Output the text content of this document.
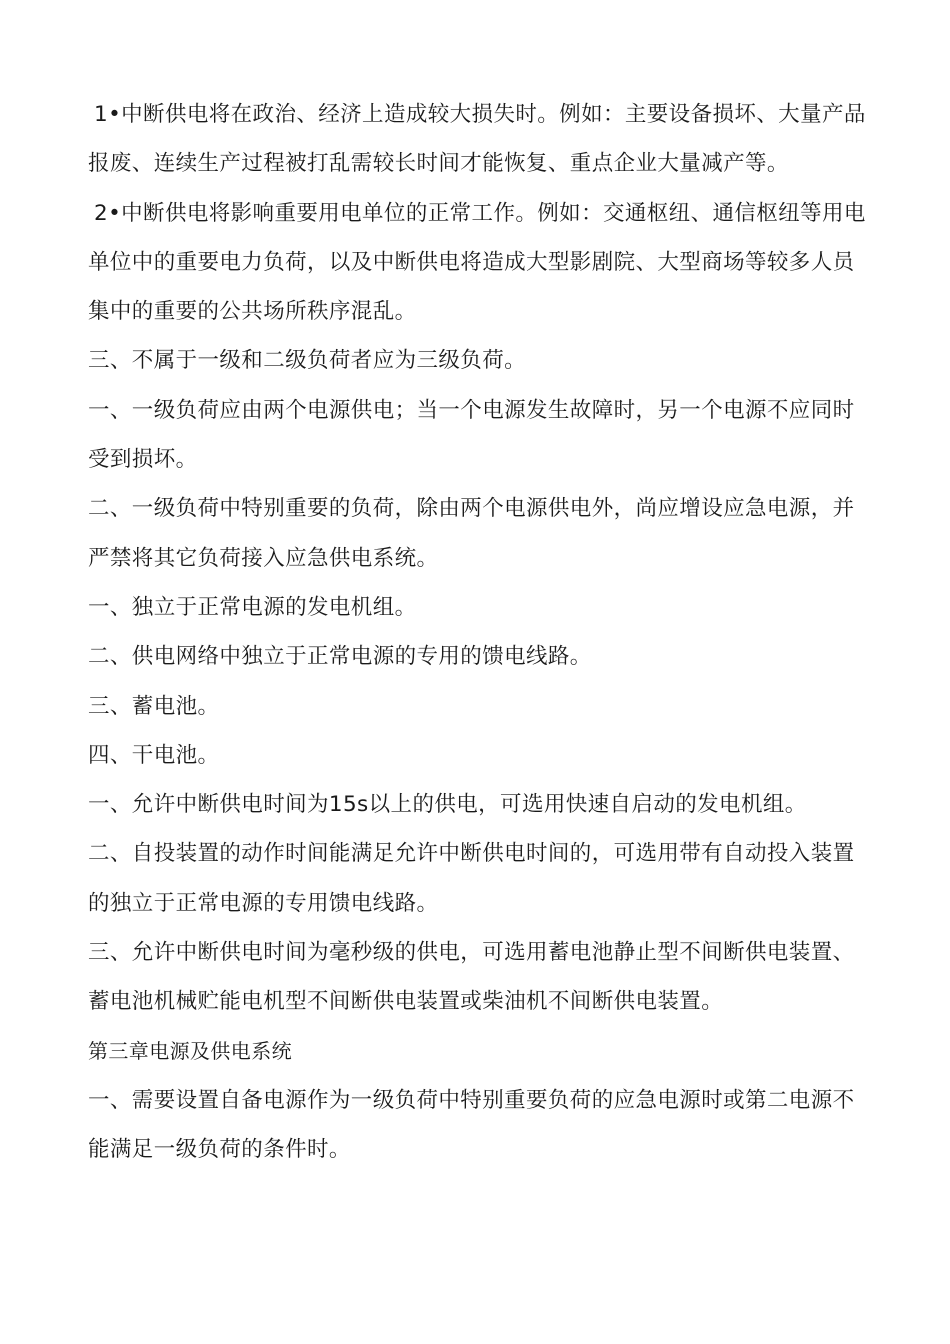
1•中断供电将在政治、经济上造成较大损失时。例如：主要设备损坏、大量产品报废、连续生产过程被打乱需较长时间才能恢复、重点企业大量减产等。

2•中断供电将影响重要用电单位的正常工作。例如：交通枢纽、通信枢纽等用电单位中的重要电力负荷，以及中断供电将造成大型影剧院、大型商场等较多人员集中的重要的公共场所秩序混乱。

三、不属于一级和二级负荷者应为三级负荷。

一、一级负荷应由两个电源供电；当一个电源发生故障时，另一个电源不应同时受到损坏。

二、一级负荷中特别重要的负荷，除由两个电源供电外，尚应增设应急电源，并严禁将其它负荷接入应急供电系统。

一、独立于正常电源的发电机组。

二、供电网络中独立于正常电源的专用的馈电线路。

三、蓄电池。

四、干电池。

一、允许中断供电时间为15s以上的供电，可选用快速自启动的发电机组。

二、自投装置的动作时间能满足允许中断供电时间的，可选用带有自动投入装置的独立于正常电源的专用馈电线路。

三、允许中断供电时间为毫秒级的供电，可选用蓄电池静止型不间断供电装置、蓄电池机械贮能电机型不间断供电装置或柴油机不间断供电装置。

第三章电源及供电系统

一、需要设置自备电源作为一级负荷中特别重要负荷的应急电源时或第二电源不能满足一级负荷的条件时。
